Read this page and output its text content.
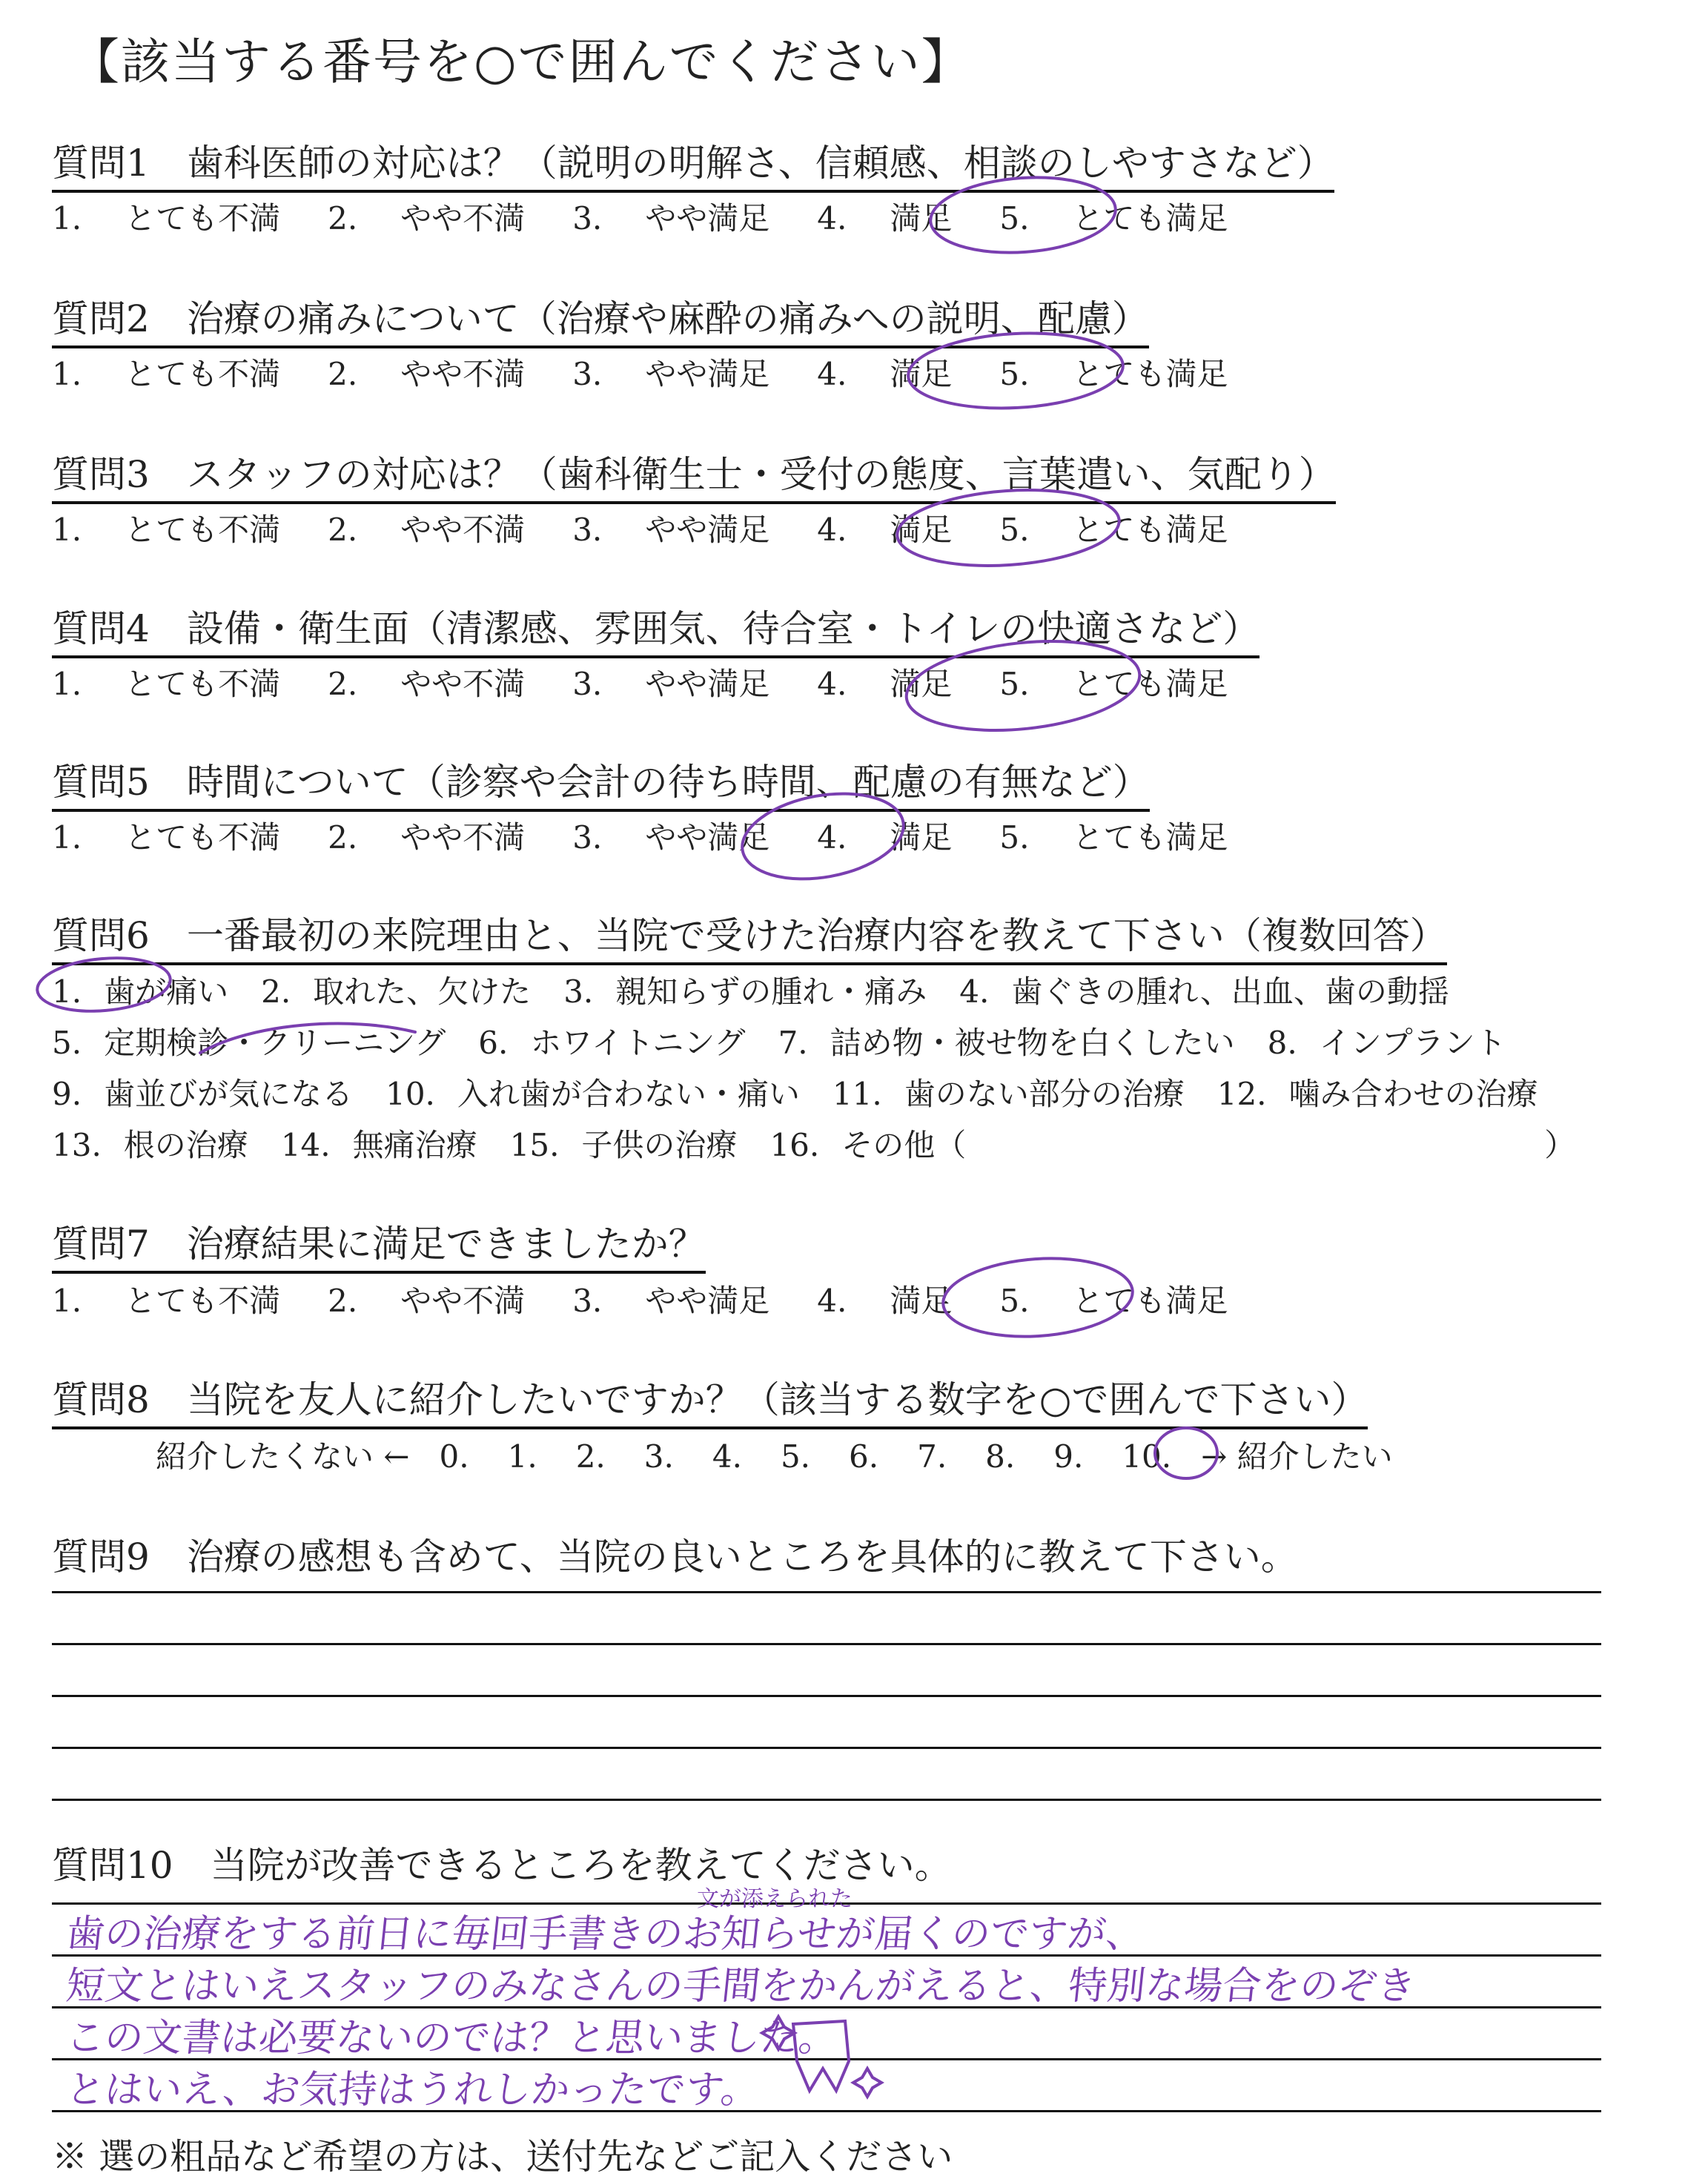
【該当する番号を○で囲んでください】
質問1 歯科医師の対応は？（説明の明解さ、信頼感、相談のしやすさなど）
1. とても不満 2. やや不満 3. やや満足 4. 満足 5. とても満足
質問2 治療の痛みについて（治療や麻酔の痛みへの説明、配慮）
1. とても不満 2. やや不満 3. やや満足 4. 満足 5. とても満足
質問3 スタッフの対応は？（歯科衛生士・受付の態度、言葉遣い、気配り）
1. とても不満 2. やや不満 3. やや満足 4. 満足 5. とても満足
質問4 設備・衛生面（清潔感、雰囲気、待合室・トイレの快適さなど）
1. とても不満 2. やや不満 3. やや満足 4. 満足 5. とても満足
質問5 時間について（診察や会計の待ち時間、配慮の有無など）
1. とても不満 2. やや不満 3. やや満足 4. 満足 5. とても満足
質問6 一番最初の来院理由と、当院で受けた治療内容を教えて下さい（複数回答）
1. 歯が痛い 2. 取れた、欠けた 3. 親知らずの腫れ・痛み 4. 歯ぐきの腫れ、出血、歯の動揺
5. 定期検診・クリーニング 6. ホワイトニング 7. 詰め物・被せ物を白くしたい 8. インプラント
9. 歯並びが気になる 10. 入れ歯が合わない・痛い 11. 歯のない部分の治療 12. 噛み合わせの治療
13. 根の治療 14. 無痛治療 15. 子供の治療 16. その他（	）
質問7 治療結果に満足できましたか？
1. とても不満 2. やや不満 3. やや満足 4. 満足 5. とても満足
質問8 当院を友人に紹介したいですか？（該当する数字を○で囲んで下さい）
紹介したくない ← 0. 1. 2. 3. 4. 5. 6. 7. 8. 9. 10. → 紹介したい
質問9 治療の感想も含めて、当院の良いところを具体的に教えて下さい。
質問10 当院が改善できるところを教えてください。
文が添えられた
歯の治療をする前日に毎回手書きのお知らせが届くのですが、
短文とはいえスタッフのみなさんの手間をかんがえると、特別な場合をのぞき
この文書は必要ないのでは？と思いました。
とはいえ、お気持はうれしかったです。
※ 選の粗品など希望の方は、送付先などご記入ください
